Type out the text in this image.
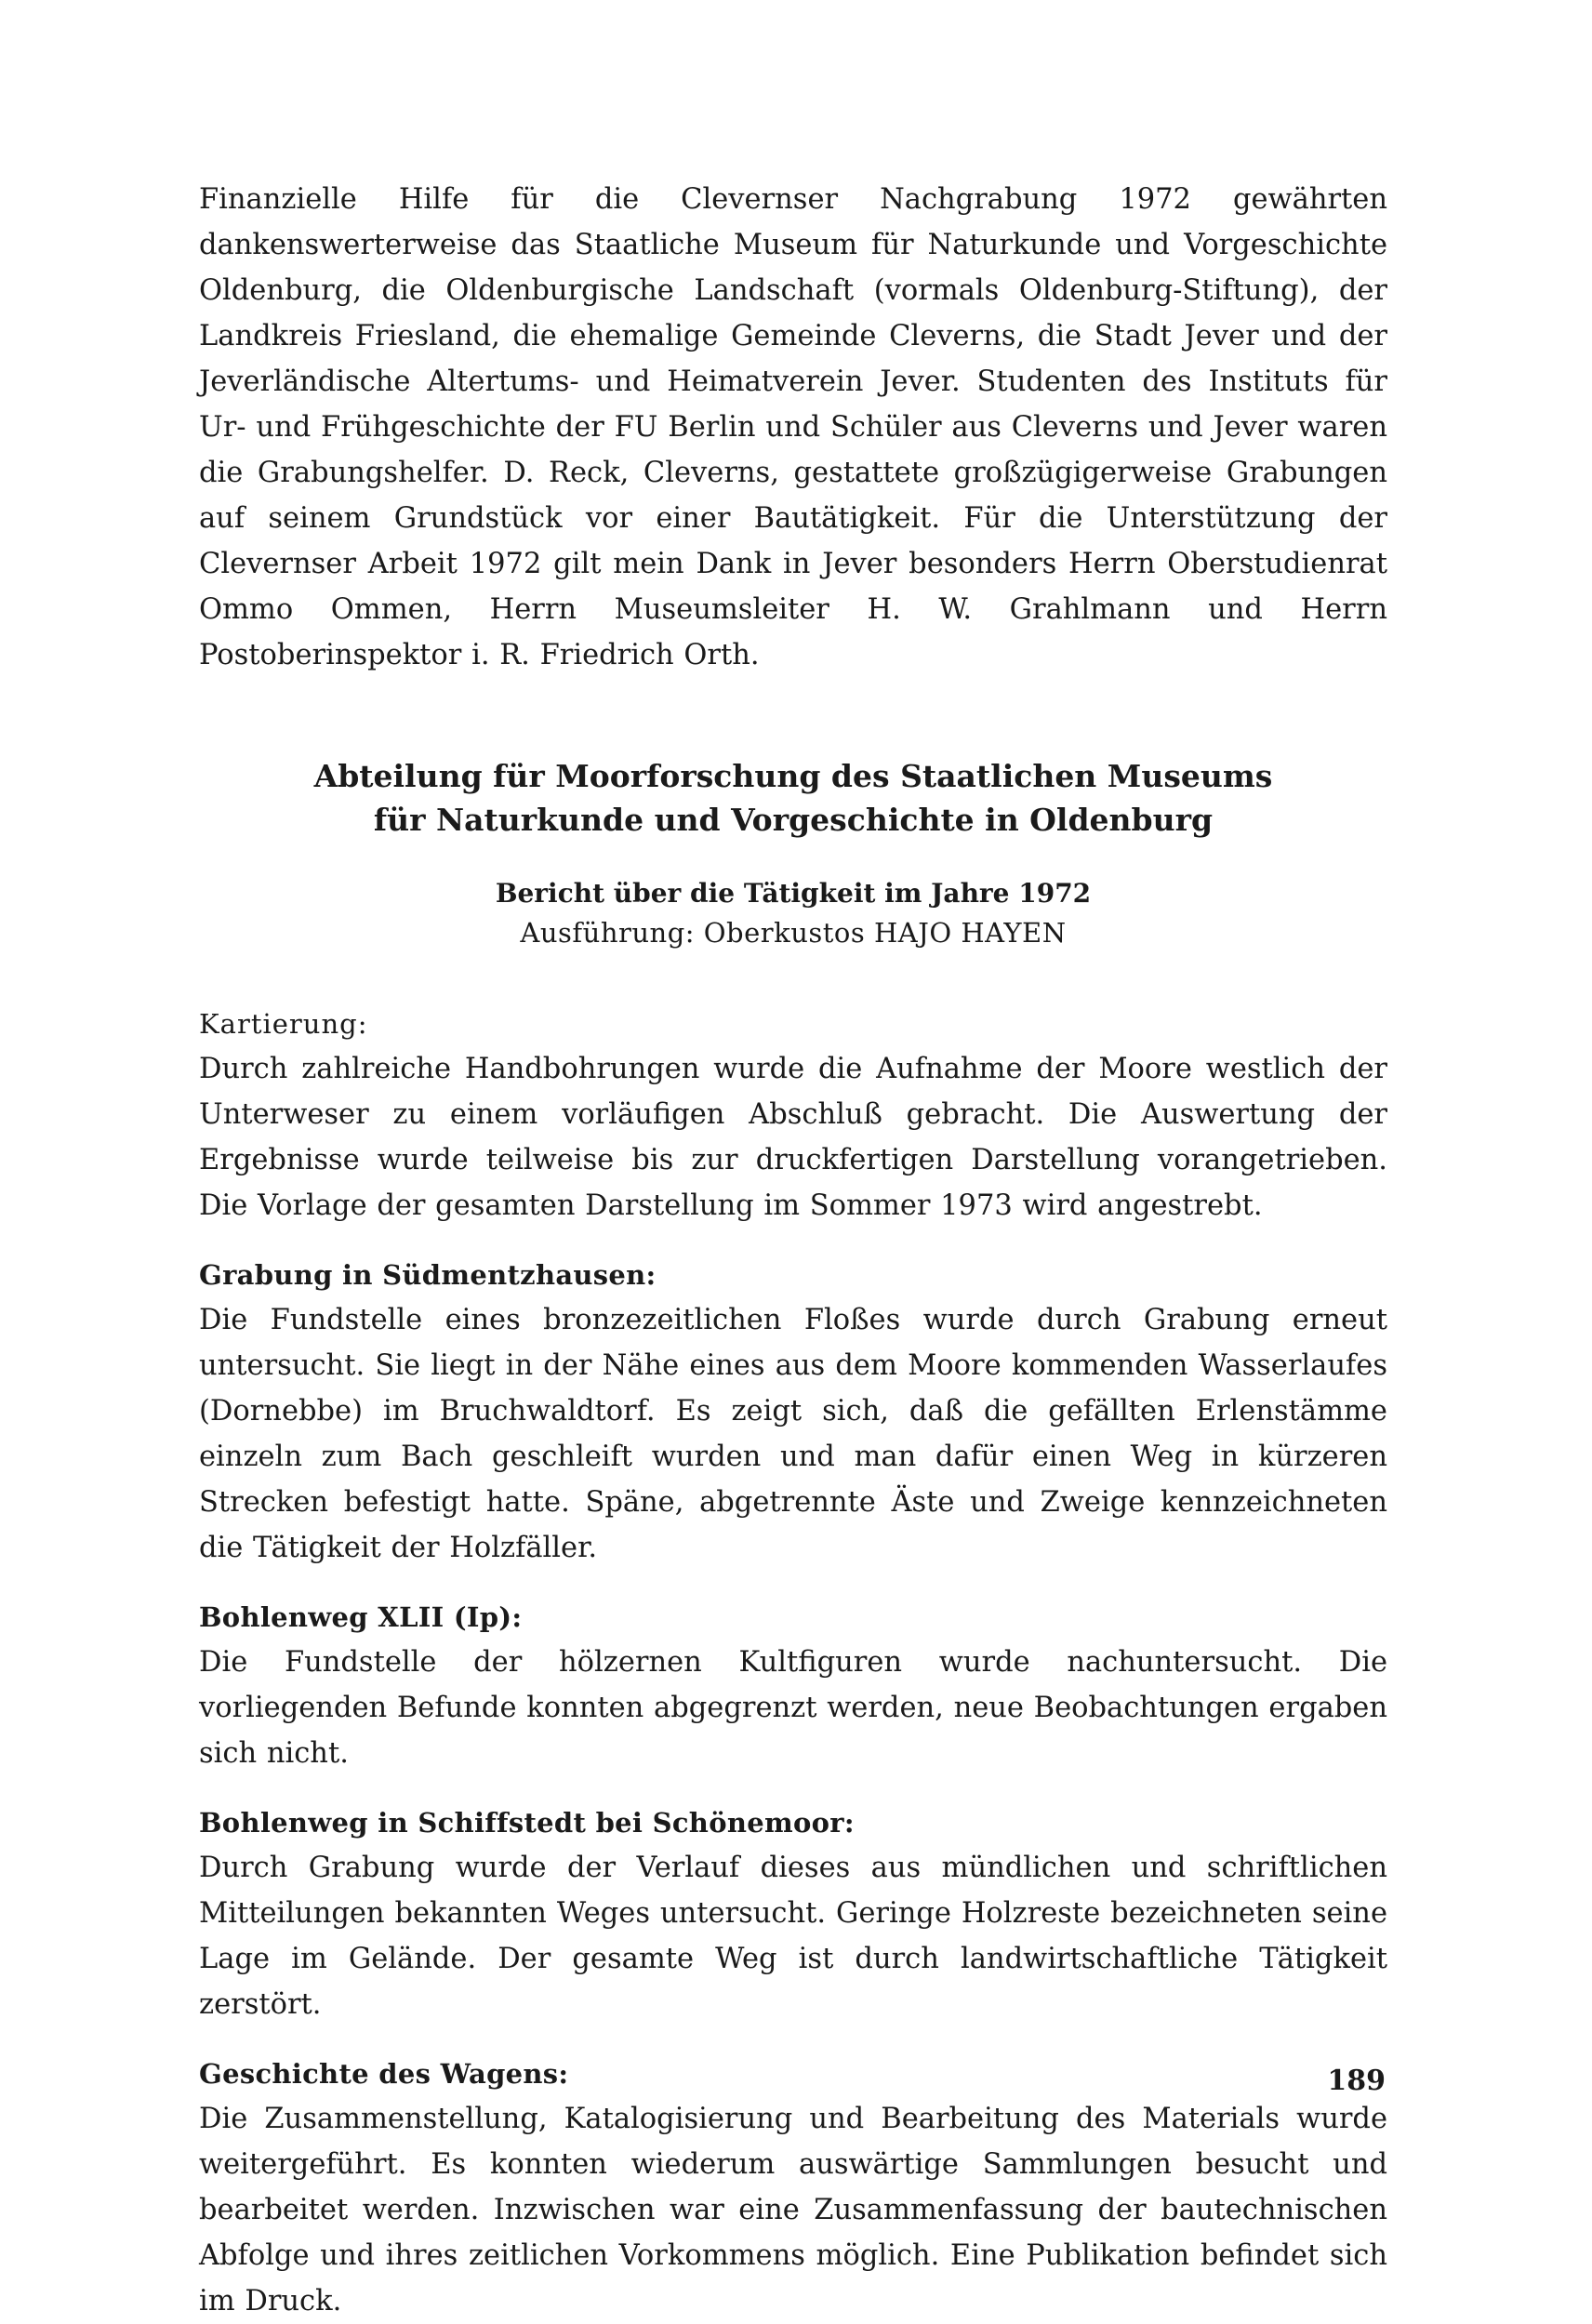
Finanzielle Hilfe für die Clevernser Nachgrabung 1972 gewährten dankenswerterweise das Staatliche Museum für Naturkunde und Vorgeschichte Oldenburg, die Oldenburgische Landschaft (vormals Oldenburg-Stiftung), der Landkreis Friesland, die ehemalige Gemeinde Cleverns, die Stadt Jever und der Jeverländische Altertums- und Heimatverein Jever. Studenten des Instituts für Ur- und Frühgeschichte der FU Berlin und Schüler aus Cleverns und Jever waren die Grabungshelfer. D. Reck, Cleverns, gestattete großzügigerweise Grabungen auf seinem Grundstück vor einer Bautätigkeit. Für die Unterstützung der Clevernser Arbeit 1972 gilt mein Dank in Jever besonders Herrn Oberstudienrat Ommo Ommen, Herrn Museumsleiter H. W. Grahlmann und Herrn Postoberinspektor i. R. Friedrich Orth.

Abteilung für Moorforschung des Staatlichen Museums
für Naturkunde und Vorgeschichte in Oldenburg
Bericht über die Tätigkeit im Jahre 1972
Ausführung: Oberkustos HAJO HAYEN
Kartierung:

Durch zahlreiche Handbohrungen wurde die Aufnahme der Moore westlich der Unterweser zu einem vorläufigen Abschluß gebracht. Die Auswertung der Ergebnisse wurde teilweise bis zur druckfertigen Darstellung vorangetrieben. Die Vorlage der gesamten Darstellung im Sommer 1973 wird angestrebt.

Grabung in Südmentzhausen:

Die Fundstelle eines bronzezeitlichen Floßes wurde durch Grabung erneut untersucht. Sie liegt in der Nähe eines aus dem Moore kommenden Wasserlaufes (Dornebbe) im Bruchwaldtorf. Es zeigt sich, daß die gefällten Erlenstämme einzeln zum Bach geschleift wurden und man dafür einen Weg in kürzeren Strecken befestigt hatte. Späne, abgetrennte Äste und Zweige kennzeichneten die Tätigkeit der Holzfäller.

Bohlenweg XLII (Ip):

Die Fundstelle der hölzernen Kultfiguren wurde nachuntersucht. Die vorliegenden Befunde konnten abgegrenzt werden, neue Beobachtungen ergaben sich nicht.

Bohlenweg in Schiffstedt bei Schönemoor:

Durch Grabung wurde der Verlauf dieses aus mündlichen und schriftlichen Mitteilungen bekannten Weges untersucht. Geringe Holzreste bezeichneten seine Lage im Gelände. Der gesamte Weg ist durch landwirtschaftliche Tätigkeit zerstört.

Geschichte des Wagens:

Die Zusammenstellung, Katalogisierung und Bearbeitung des Materials wurde weitergeführt. Es konnten wiederum auswärtige Sammlungen besucht und bearbeitet werden. Inzwischen war eine Zusammenfassung der bautechnischen Abfolge und ihres zeitlichen Vorkommens möglich. Eine Publikation befindet sich im Druck.

189
